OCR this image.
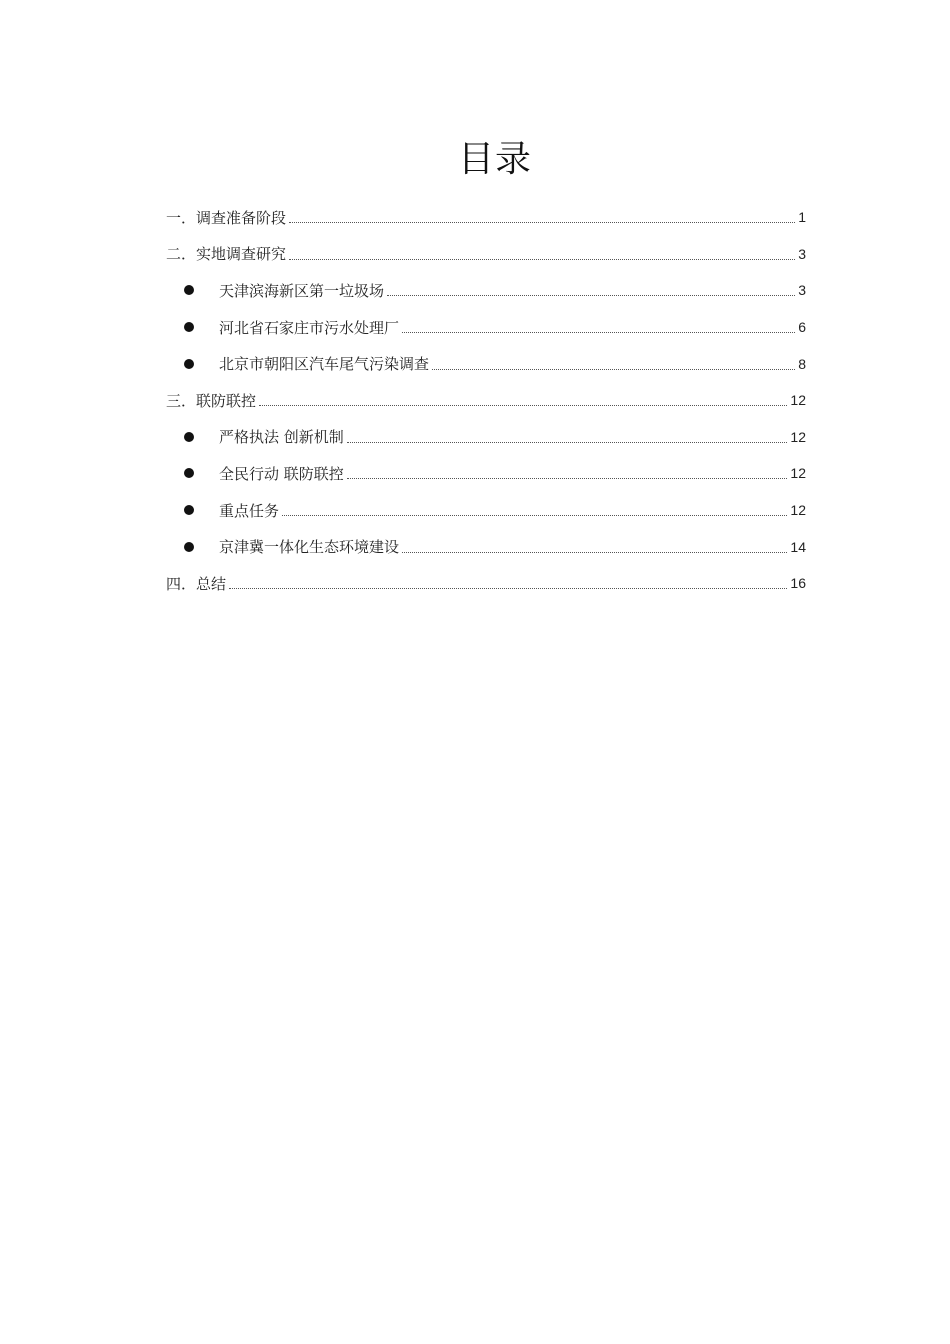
目录
一． 调查准备阶段	1
二． 实地调查研究	3
天津滨海新区第一垃圾场	3
河北省石家庄市污水处理厂	6
北京市朝阳区汽车尾气污染调查	8
三． 联防联控	12
严格执法 创新机制	12
全民行动 联防联控	12
重点任务	12
京津冀一体化生态环境建设	14
四． 总结	16
